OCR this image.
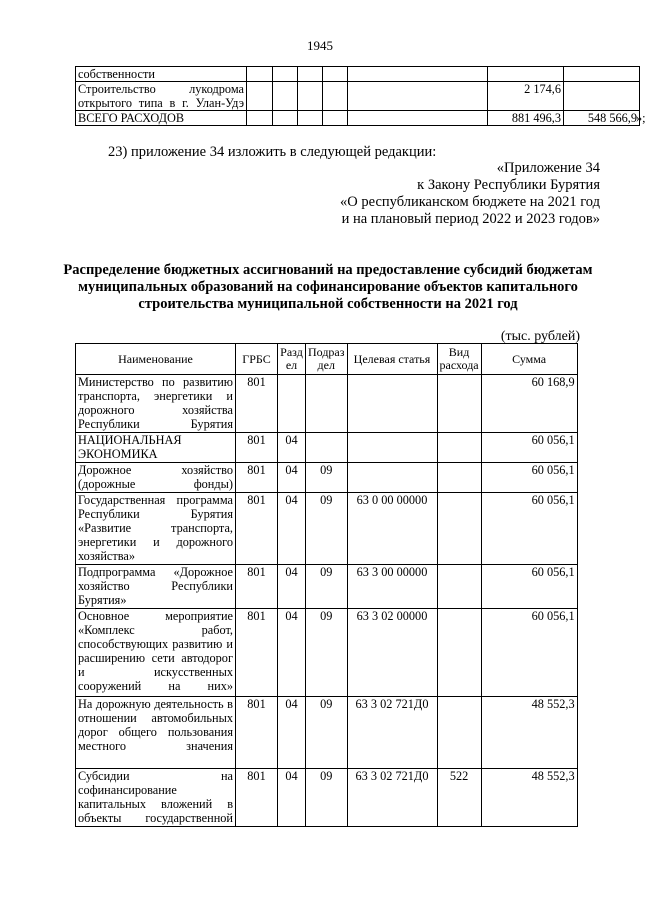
1945
собственности							
Строительство лукодрома открытого типа в г. Улан-Удэ						2 174,6	
ВСЕГО РАСХОДОВ						881 496,3	548 566,9 »;
23) приложение 34 изложить в следующей редакции:
«Приложение 34
к Закону Республики Бурятия
«О республиканском бюджете на 2021 год
и на плановый период 2022 и 2023 годов»
Распределение бюджетных ассигнований на предоставление субсидий бюджетам муниципальных образований на софинансирование объектов капитального строительства муниципальной собственности на 2021 год
(тыс. рублей)
Наименование	ГРБС	Разд ел	Подраз дел	Целевая статья	Вид расхода	Сумма
Министерство по развитию транспорта, энергетики и дорожного хозяйства Республики Бурятия	801					60 168,9
НАЦИОНАЛЬНАЯ ЭКОНОМИКА	801	04				60 056,1
Дорожное хозяйство (дорожные фонды)	801	04	09			60 056,1
Государственная программа Республики Бурятия «Развитие транспорта, энергетики и дорожного хозяйства»	801	04	09	63 0 00 00000		60 056,1
Подпрограмма «Дорожное хозяйство Республики Бурятия»	801	04	09	63 3 00 00000		60 056,1
Основное мероприятие «Комплекс работ, способствующих развитию и расширению сети автодорог и искусственных сооружений на них»	801	04	09	63 3 02 00000		60 056,1
На дорожную деятельность в отношении автомобильных дорог общего пользования местного значения	801	04	09	63 3 02 721Д0		48 552,3
Субсидии на софинансирование капитальных вложений в объекты государственной	801	04	09	63 3 02 721Д0	522	48 552,3
